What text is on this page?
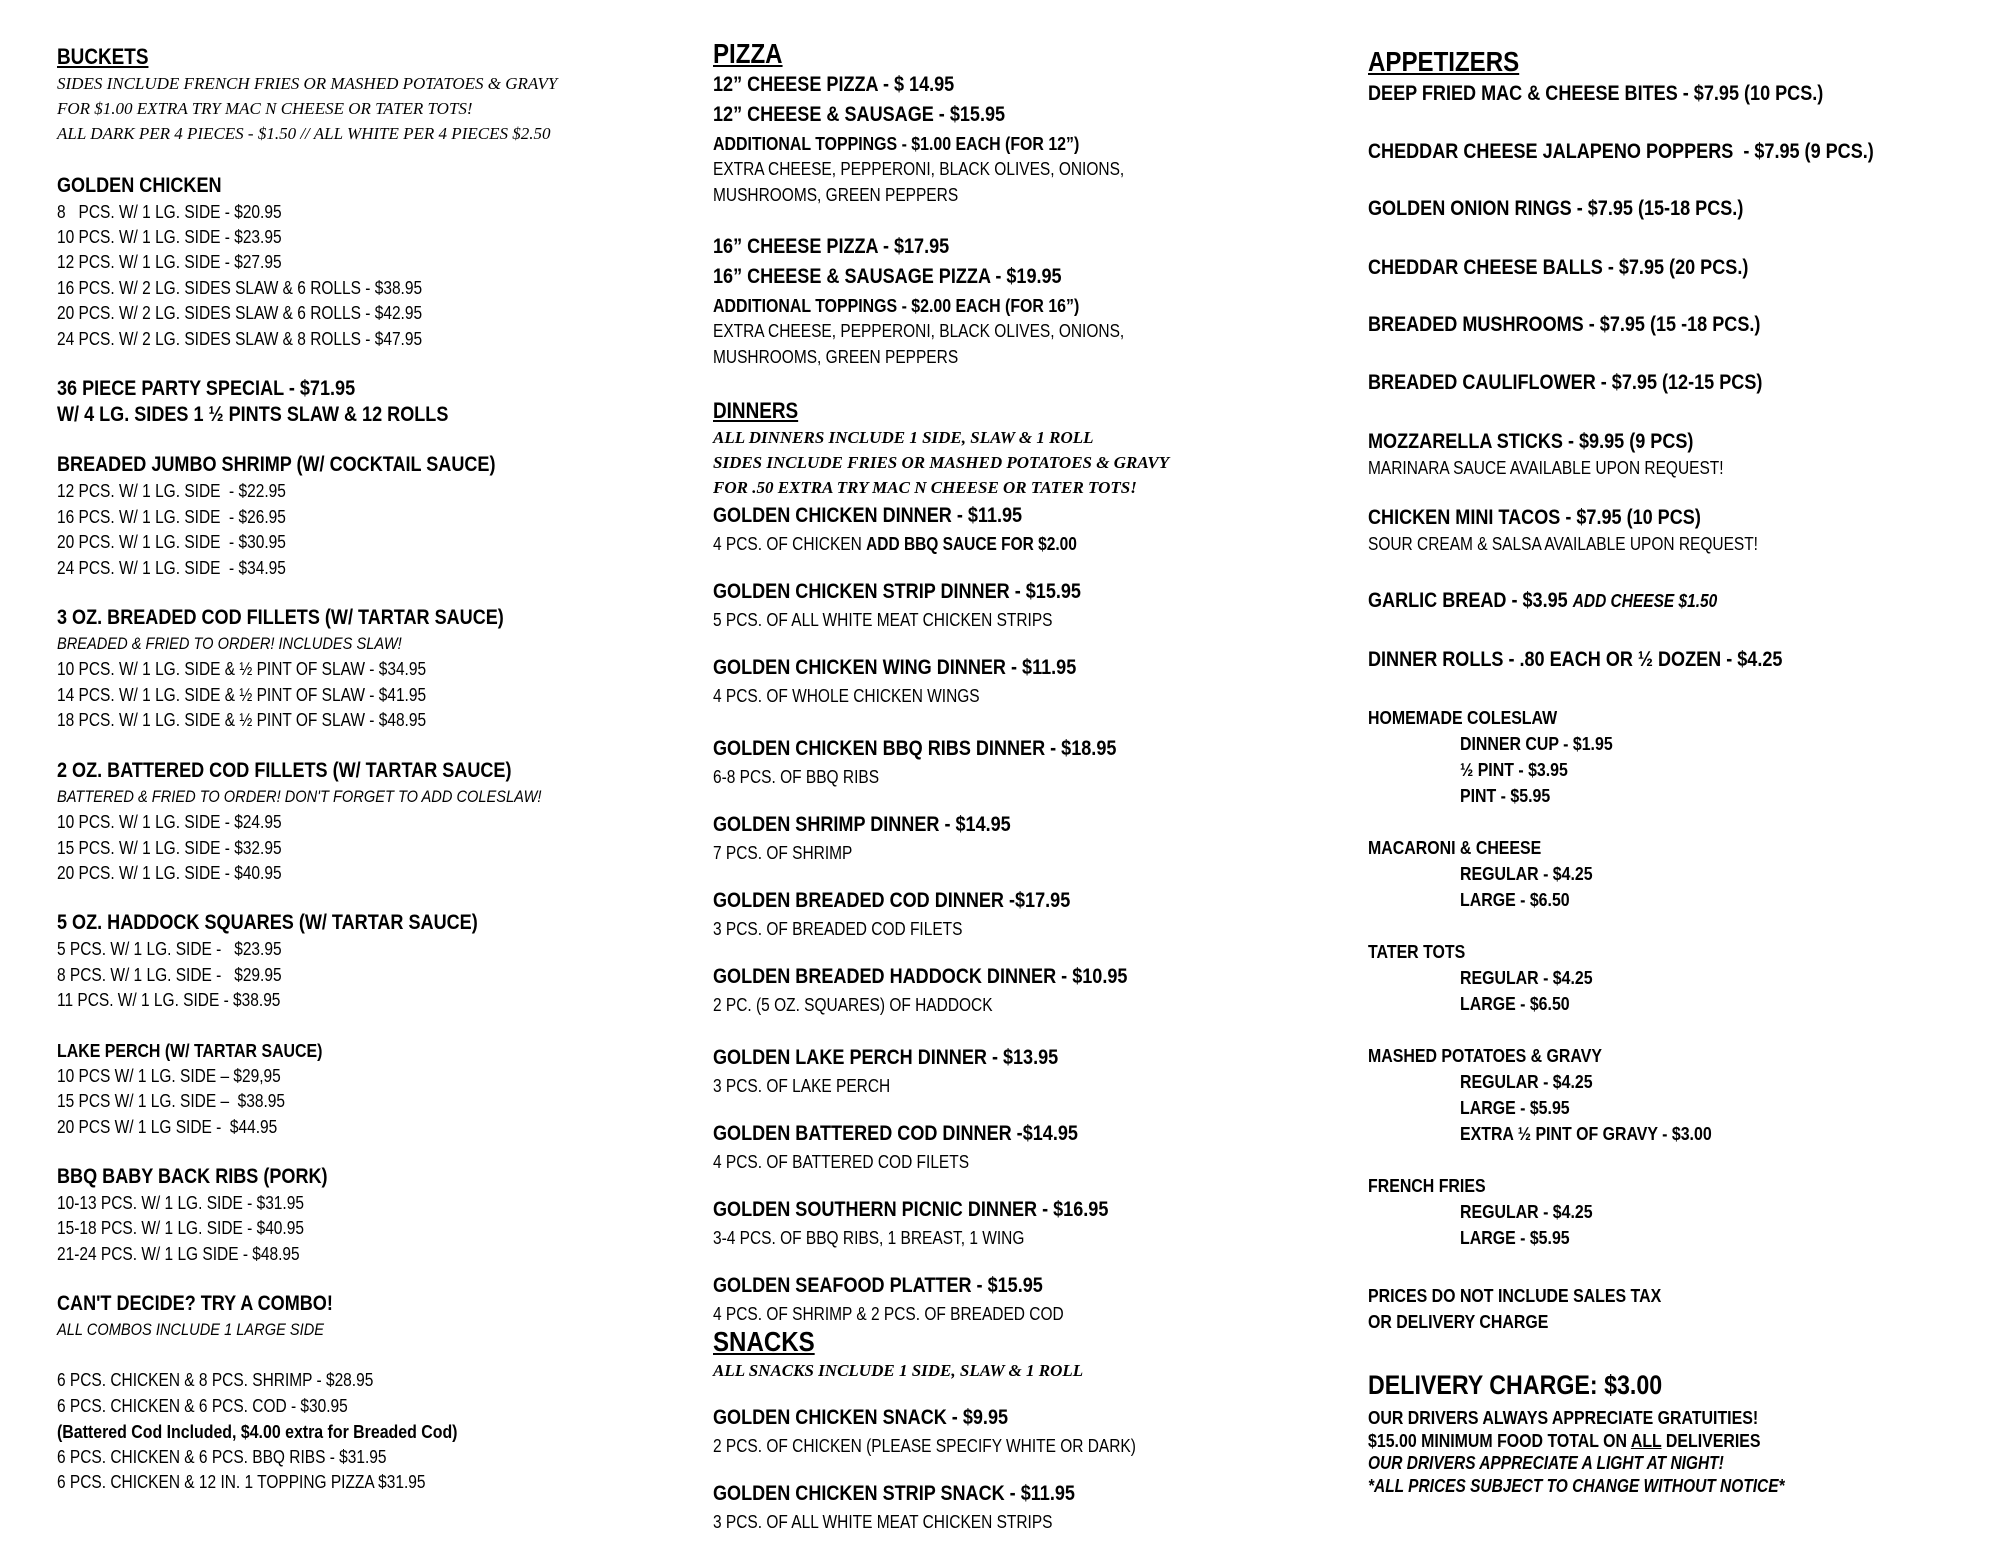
BUCKETS
SIDES INCLUDE FRENCH FRIES OR MASHED POTATOES & GRAVY
FOR $1.00 EXTRA TRY MAC N CHEESE OR TATER TOTS!
ALL DARK PER 4 PIECES - $1.50 // ALL WHITE PER 4 PIECES $2.50
GOLDEN CHICKEN
8   PCS. W/ 1 LG. SIDE - $20.95
10 PCS. W/ 1 LG. SIDE - $23.95
12 PCS. W/ 1 LG. SIDE - $27.95
16 PCS. W/ 2 LG. SIDES SLAW & 6 ROLLS - $38.95
20 PCS. W/ 2 LG. SIDES SLAW & 6 ROLLS - $42.95
24 PCS. W/ 2 LG. SIDES SLAW & 8 ROLLS - $47.95
36 PIECE PARTY SPECIAL - $71.95
W/ 4 LG. SIDES 1 ½ PINTS SLAW & 12 ROLLS
BREADED JUMBO SHRIMP (W/ COCKTAIL SAUCE)
12 PCS. W/ 1 LG. SIDE  - $22.95
16 PCS. W/ 1 LG. SIDE  - $26.95
20 PCS. W/ 1 LG. SIDE  - $30.95
24 PCS. W/ 1 LG. SIDE  - $34.95
3 OZ. BREADED COD FILLETS (W/ TARTAR SAUCE)
BREADED & FRIED TO ORDER! INCLUDES SLAW!
10 PCS. W/ 1 LG. SIDE & ½ PINT OF SLAW - $34.95
14 PCS. W/ 1 LG. SIDE & ½ PINT OF SLAW - $41.95
18 PCS. W/ 1 LG. SIDE & ½ PINT OF SLAW - $48.95
2 OZ. BATTERED COD FILLETS (W/ TARTAR SAUCE)
BATTERED & FRIED TO ORDER! DON'T FORGET TO ADD COLESLAW!
10 PCS. W/ 1 LG. SIDE - $24.95
15 PCS. W/ 1 LG. SIDE - $32.95
20 PCS. W/ 1 LG. SIDE - $40.95
5 OZ. HADDOCK SQUARES (W/ TARTAR SAUCE)
5 PCS. W/ 1 LG. SIDE -   $23.95
8 PCS. W/ 1 LG. SIDE -   $29.95
11 PCS. W/ 1 LG. SIDE - $38.95
LAKE PERCH (W/ TARTAR SAUCE)
10 PCS W/ 1 LG. SIDE – $29,95
15 PCS W/ 1 LG. SIDE –  $38.95
20 PCS W/ 1 LG SIDE -  $44.95
BBQ BABY BACK RIBS (PORK)
10-13 PCS. W/ 1 LG. SIDE - $31.95
15-18 PCS. W/ 1 LG. SIDE - $40.95
21-24 PCS. W/ 1 LG SIDE - $48.95
CAN'T DECIDE? TRY A COMBO!
ALL COMBOS INCLUDE 1 LARGE SIDE
6 PCS. CHICKEN & 8 PCS. SHRIMP - $28.95
6 PCS. CHICKEN & 6 PCS. COD - $30.95
(Battered Cod Included, $4.00 extra for Breaded Cod)
6 PCS. CHICKEN & 6 PCS. BBQ RIBS - $31.95
6 PCS. CHICKEN & 12 IN. 1 TOPPING PIZZA $31.95
PIZZA
12” CHEESE PIZZA - $ 14.95
12” CHEESE & SAUSAGE - $15.95
ADDITIONAL TOPPINGS - $1.00 EACH (FOR 12”)
EXTRA CHEESE, PEPPERONI, BLACK OLIVES, ONIONS,
MUSHROOMS, GREEN PEPPERS
16” CHEESE PIZZA - $17.95
16” CHEESE & SAUSAGE PIZZA - $19.95
ADDITIONAL TOPPINGS - $2.00 EACH (FOR 16”)
EXTRA CHEESE, PEPPERONI, BLACK OLIVES, ONIONS,
MUSHROOMS, GREEN PEPPERS
DINNERS
ALL DINNERS INCLUDE 1 SIDE, SLAW & 1 ROLL
SIDES INCLUDE FRIES OR MASHED POTATOES & GRAVY
FOR .50 EXTRA TRY MAC N CHEESE OR TATER TOTS!
GOLDEN CHICKEN DINNER - $11.95
4 PCS. OF CHICKEN ADD BBQ SAUCE FOR $2.00
GOLDEN CHICKEN STRIP DINNER - $15.95
5 PCS. OF ALL WHITE MEAT CHICKEN STRIPS
GOLDEN CHICKEN WING DINNER - $11.95
4 PCS. OF WHOLE CHICKEN WINGS
GOLDEN CHICKEN BBQ RIBS DINNER - $18.95
6-8 PCS. OF BBQ RIBS
GOLDEN SHRIMP DINNER - $14.95
7 PCS. OF SHRIMP
GOLDEN BREADED COD DINNER -$17.95
3 PCS. OF BREADED COD FILETS
GOLDEN BREADED HADDOCK DINNER - $10.95
2 PC. (5 OZ. SQUARES) OF HADDOCK
GOLDEN LAKE PERCH DINNER - $13.95
3 PCS. OF LAKE PERCH
GOLDEN BATTERED COD DINNER -$14.95
4 PCS. OF BATTERED COD FILETS
GOLDEN SOUTHERN PICNIC DINNER - $16.95
3-4 PCS. OF BBQ RIBS, 1 BREAST, 1 WING
GOLDEN SEAFOOD PLATTER - $15.95
4 PCS. OF SHRIMP & 2 PCS. OF BREADED COD
SNACKS
ALL SNACKS INCLUDE 1 SIDE, SLAW & 1 ROLL
GOLDEN CHICKEN SNACK - $9.95
2 PCS. OF CHICKEN (PLEASE SPECIFY WHITE OR DARK)
GOLDEN CHICKEN STRIP SNACK - $11.95
3 PCS. OF ALL WHITE MEAT CHICKEN STRIPS
APPETIZERS
DEEP FRIED MAC & CHEESE BITES - $7.95 (10 PCS.)
CHEDDAR CHEESE JALAPENO POPPERS  - $7.95 (9 PCS.)
GOLDEN ONION RINGS - $7.95 (15-18 PCS.)
CHEDDAR CHEESE BALLS - $7.95 (20 PCS.)
BREADED MUSHROOMS - $7.95 (15 -18 PCS.)
BREADED CAULIFLOWER - $7.95 (12-15 PCS)
MOZZARELLA STICKS - $9.95 (9 PCS)
MARINARA SAUCE AVAILABLE UPON REQUEST!
CHICKEN MINI TACOS - $7.95 (10 PCS)
SOUR CREAM & SALSA AVAILABLE UPON REQUEST!
GARLIC BREAD - $3.95 ADD CHEESE $1.50
DINNER ROLLS - .80 EACH OR ½ DOZEN - $4.25
HOMEMADE COLESLAW
DINNER CUP - $1.95
½ PINT - $3.95
PINT - $5.95
MACARONI & CHEESE
REGULAR - $4.25
LARGE - $6.50
TATER TOTS
REGULAR - $4.25
LARGE - $6.50
MASHED POTATOES & GRAVY
REGULAR - $4.25
LARGE - $5.95
EXTRA ½ PINT OF GRAVY - $3.00
FRENCH FRIES
REGULAR - $4.25
LARGE - $5.95
PRICES DO NOT INCLUDE SALES TAX
OR DELIVERY CHARGE
DELIVERY CHARGE: $3.00
OUR DRIVERS ALWAYS APPRECIATE GRATUITIES!
$15.00 MINIMUM FOOD TOTAL ON ALL DELIVERIES
OUR DRIVERS APPRECIATE A LIGHT AT NIGHT!
*ALL PRICES SUBJECT TO CHANGE WITHOUT NOTICE*
